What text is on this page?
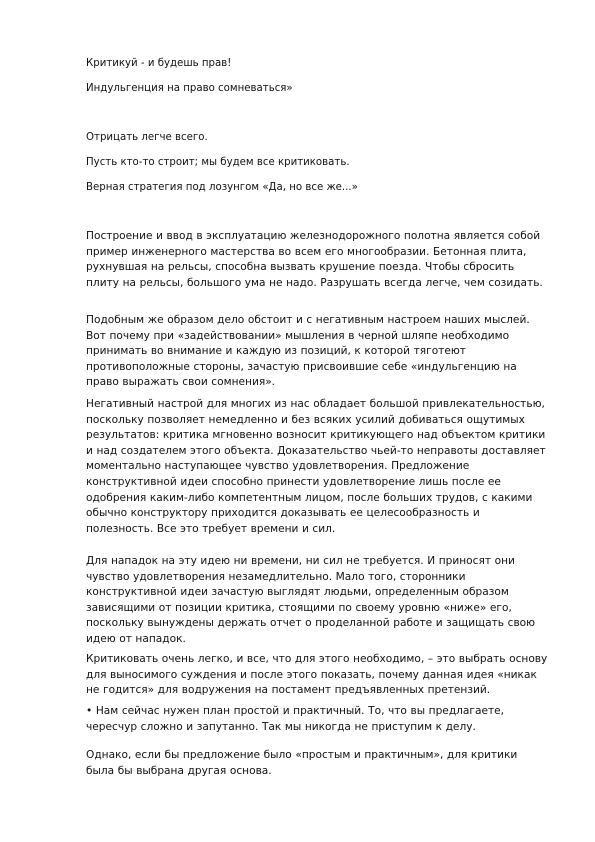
Критикуй - и будешь прав!

Индульгенция на право сомневаться»

Отрицать легче всего.

Пусть кто-то строит; мы будем все критиковать.

Верная стратегия под лозунгом «Да, но все же...»

Построение и ввод в эксплуатацию железнодорожного полотна является собой пример инженерного мастерства во всем его многообразии. Бетонная плита, рухнувшая на рельсы, способна вызвать крушение поезда. Чтобы сбросить плиту на рельсы, большого ума не надо. Разрушать всегда легче, чем созидать.

Подобным же образом дело обстоит и с негативным настроем наших мыслей. Вот почему при «задействовании» мышления в черной шляпе необходимо принимать во внимание и каждую из позиций, к которой тяготеют противоположные стороны, зачастую присвоившие себе «индульгенцию на право выражать свои сомнения».

Негативный настрой для многих из нас обладает большой привлекательностью, поскольку позволяет немедленно и без всяких усилий добиваться ощутимых результатов: критика мгновенно возносит критикующего над объектом критики и над создателем этого объекта. Доказательство чьей-то неправоты доставляет моментально наступающее чувство удовлетворения. Предложение конструктивной идеи способно принести удовлетворение лишь после ее одобрения каким-либо компетентным лицом, после больших трудов, с какими обычно конструктору приходится доказывать ее целесообразность и полезность. Все это требует времени и сил.

Для нападок на эту идею ни времени, ни сил не требуется. И приносят они чувство удовлетворения незамедлительно. Мало того, сторонники конструктивной идеи зачастую выглядят людьми, определенным образом зависящими от позиции критика, стоящими по своему уровню «ниже» его, поскольку вынуждены держать отчет о проделанной работе и защищать свою идею от нападок.

Критиковать очень легко, и все, что для этого необходимо, – это выбрать основу для выносимого суждения и после этого показать, почему данная идея «никак не годится» для водружения на постамент предъявленных претензий.

• Нам сейчас нужен план простой и практичный. То, что вы предлагаете, чересчур сложно и запутанно. Так мы никогда не приступим к делу.

Однако, если бы предложение было «простым и практичным», для критики была бы выбрана другая основа.
